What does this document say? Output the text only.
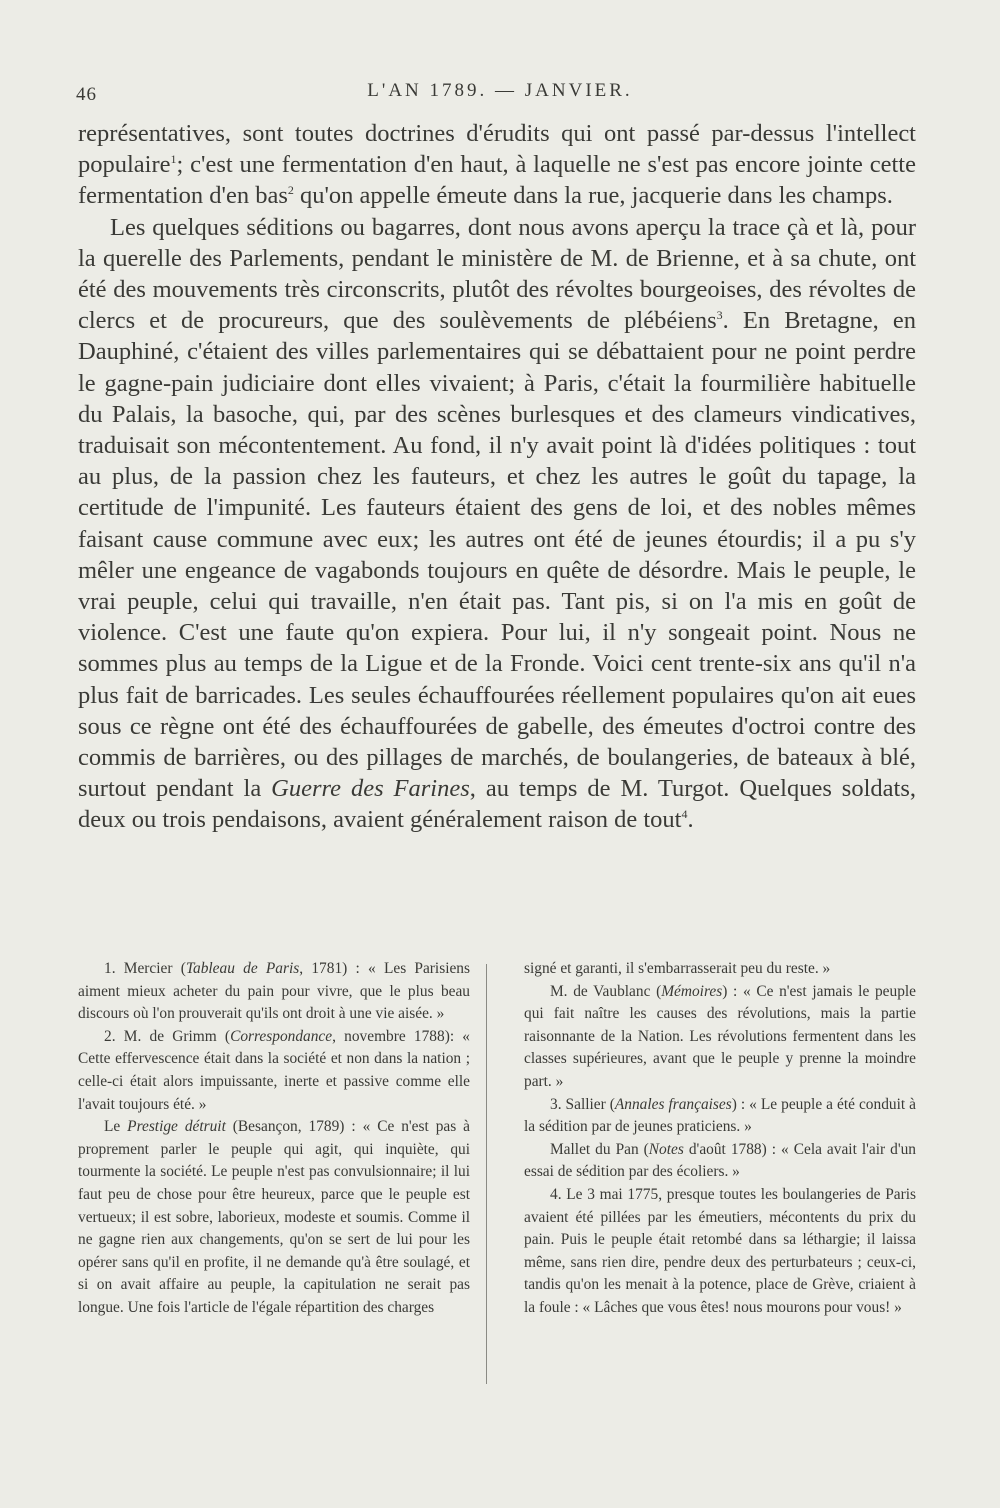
46	L'AN 1789. — JANVIER.

représentatives, sont toutes doctrines d'érudits qui ont passé par-dessus l'intellect populaire$^1$; c'est une fermentation d'en haut, à laquelle ne s'est pas encore jointe cette fermentation d'en bas$^2$ qu'on appelle émeute dans la rue, jacquerie dans les champs.

Les quelques séditions ou bagarres, dont nous avons aperçu la trace çà et là, pour la querelle des Parlements, pendant le ministère de M. de Brienne, et à sa chute, ont été des mouvements très circonscrits, plutôt des révoltes bourgeoises, des révoltes de clercs et de procureurs, que des soulèvements de plébéiens$^3$. En Bretagne, en Dauphiné, c'étaient des villes parlementaires qui se débattaient pour ne point perdre le gagne-pain judiciaire dont elles vivaient; à Paris, c'était la fourmilière habituelle du Palais, la basoche, qui, par des scènes burlesques et des clameurs vindicatives, traduisait son mécontentement. Au fond, il n'y avait point là d'idées politiques : tout au plus, de la passion chez les fauteurs, et chez les autres le goût du tapage, la certitude de l'impunité. Les fauteurs étaient des gens de loi, et des nobles mêmes faisant cause commune avec eux; les autres ont été de jeunes étourdis; il a pu s'y mêler une engeance de vagabonds toujours en quête de désordre. Mais le peuple, le vrai peuple, celui qui travaille, n'en était pas. Tant pis, si on l'a mis en goût de violence. C'est une faute qu'on expiera. Pour lui, il n'y songeait point. Nous ne sommes plus au temps de la Ligue et de la Fronde. Voici cent trente-six ans qu'il n'a plus fait de barricades. Les seules échauffourées réellement populaires qu'on ait eues sous ce règne ont été des échauffourées de gabelle, des émeutes d'octroi contre des commis de barrières, ou des pillages de marchés, de boulangeries, de bateaux à blé, surtout pendant la Guerre des Farines, au temps de M. Turgot. Quelques soldats, deux ou trois pendaisons, avaient généralement raison de tout$^4$.

1. Mercier (Tableau de Paris, 1781) : « Les Parisiens aiment mieux acheter du pain pour vivre, que le plus beau discours où l'on prouverait qu'ils ont droit à une vie aisée. »

2. M. de Grimm (Correspondance, novembre 1788): « Cette effervescence était dans la société et non dans la nation ; celle-ci était alors impuissante, inerte et passive comme elle l'avait toujours été. »

Le Prestige détruit (Besançon, 1789) : « Ce n'est pas à proprement parler le peuple qui agit, qui inquiète, qui tourmente la société. Le peuple n'est pas convulsionnaire; il lui faut peu de chose pour être heureux, parce que le peuple est vertueux; il est sobre, laborieux, modeste et soumis. Comme il ne gagne rien aux changements, qu'on se sert de lui pour les opérer sans qu'il en profite, il ne demande qu'à être soulagé, et si on avait affaire au peuple, la capitulation ne serait pas longue. Une fois l'article de l'égale répartition des charges

signé et garanti, il s'embarrasserait peu du reste. »

M. de Vaublanc (Mémoires) : « Ce n'est jamais le peuple qui fait naître les causes des révolutions, mais la partie raisonnante de la Nation. Les révolutions fermentent dans les classes supérieures, avant que le peuple y prenne la moindre part. »

3. Sallier (Annales françaises) : « Le peuple a été conduit à la sédition par de jeunes praticiens. »

Mallet du Pan (Notes d'août 1788) : « Cela avait l'air d'un essai de sédition par des écoliers. »

4. Le 3 mai 1775, presque toutes les boulangeries de Paris avaient été pillées par les émeutiers, mécontents du prix du pain. Puis le peuple était retombé dans sa léthargie; il laissa même, sans rien dire, pendre deux des perturbateurs ; ceux-ci, tandis qu'on les menait à la potence, place de Grève, criaient à la foule : « Lâches que vous êtes! nous mourons pour vous! »
